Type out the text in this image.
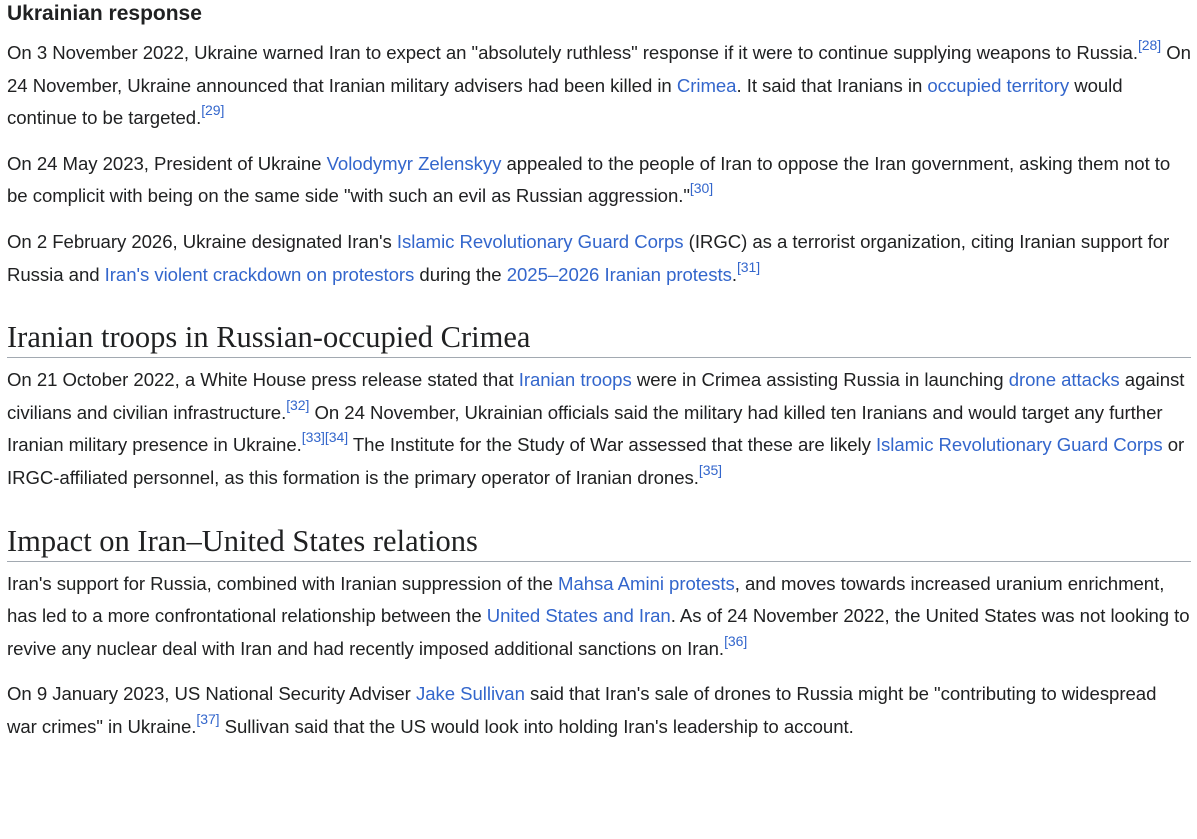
Ukrainian response

On 3 November 2022, Ukraine warned Iran to expect an "absolutely ruthless" response if it were to continue supplying weapons to Russia.[28] On 24 November, Ukraine announced that Iranian military advisers had been killed in Crimea. It said that Iranians in occupied territory would continue to be targeted.[29]

On 24 May 2023, President of Ukraine Volodymyr Zelenskyy appealed to the people of Iran to oppose the Iran government, asking them not to be complicit with being on the same side "with such an evil as Russian aggression."[30]

On 2 February 2026, Ukraine designated Iran's Islamic Revolutionary Guard Corps (IRGC) as a terrorist organization, citing Iranian support for Russia and Iran's violent crackdown on protestors during the 2025–2026 Iranian protests.[31]

Iranian troops in Russian-occupied Crimea

On 21 October 2022, a White House press release stated that Iranian troops were in Crimea assisting Russia in launching drone attacks against civilians and civilian infrastructure.[32] On 24 November, Ukrainian officials said the military had killed ten Iranians and would target any further Iranian military presence in Ukraine.[33][34] The Institute for the Study of War assessed that these are likely Islamic Revolutionary Guard Corps or IRGC-affiliated personnel, as this formation is the primary operator of Iranian drones.[35]

Impact on Iran–United States relations

Iran's support for Russia, combined with Iranian suppression of the Mahsa Amini protests, and moves towards increased uranium enrichment, has led to a more confrontational relationship between the United States and Iran. As of 24 November 2022, the United States was not looking to revive any nuclear deal with Iran and had recently imposed additional sanctions on Iran.[36]

On 9 January 2023, US National Security Adviser Jake Sullivan said that Iran's sale of drones to Russia might be "contributing to widespread war crimes" in Ukraine.[37] Sullivan said that the US would look into holding Iran's leadership to account.
